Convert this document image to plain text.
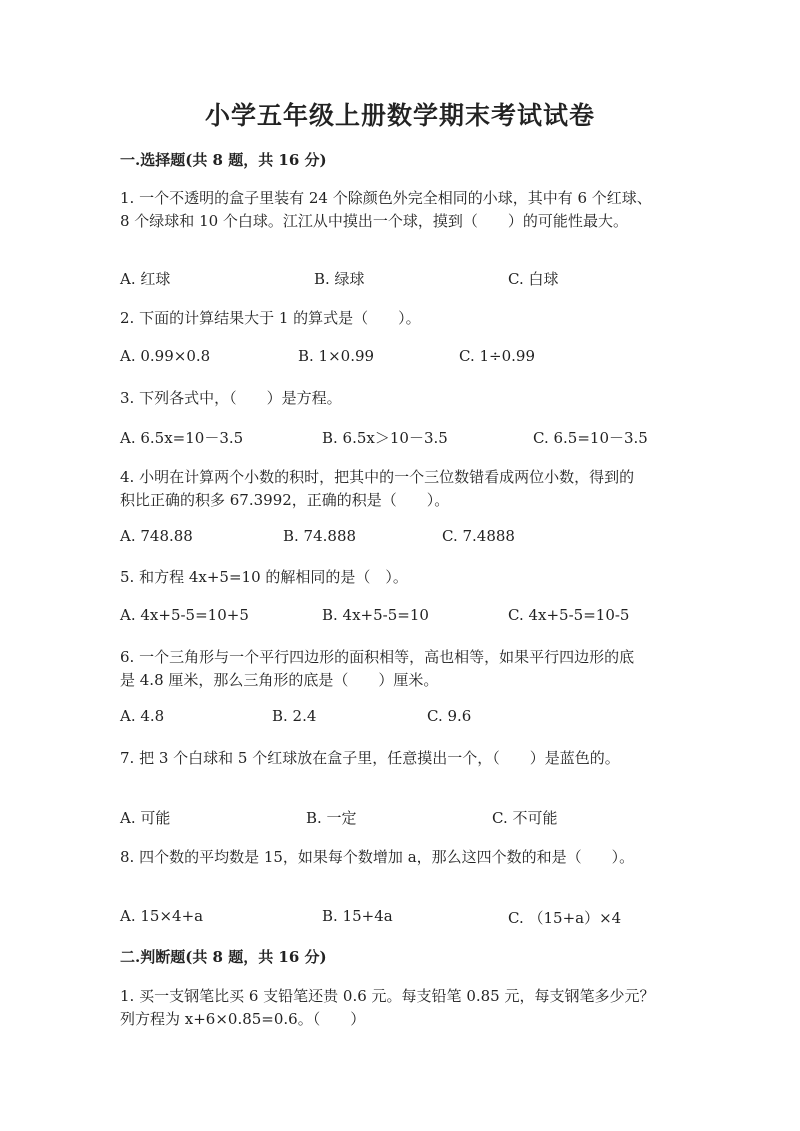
小学五年级上册数学期末考试试卷
一.选择题(共 8 题，共 16 分)
1. 一个不透明的盒子里装有 24 个除颜色外完全相同的小球，其中有 6 个红球、
8 个绿球和 10 个白球。江江从中摸出一个球，摸到（　　）的可能性最大。
A. 红球	B. 绿球	C. 白球
2. 下面的计算结果大于 1 的算式是（　　）。
A. 0.99×0.8	B. 1×0.99	C. 1÷0.99
3. 下列各式中，（　　）是方程。
A. 6.5x=10－3.5	B. 6.5x＞10－3.5	C. 6.5=10－3.5
4. 小明在计算两个小数的积时，把其中的一个三位数错看成两位小数，得到的
积比正确的积多 67.3992，正确的积是（　　）。
A. 748.88	B. 74.888	C. 7.4888
5. 和方程 4x+5=10 的解相同的是（　）。
A. 4x+5-5=10+5	B. 4x+5-5=10	C. 4x+5-5=10-5
6. 一个三角形与一个平行四边形的面积相等，高也相等，如果平行四边形的底
是 4.8 厘米，那么三角形的底是（　　）厘米。
A. 4.8	B. 2.4	C. 9.6
7. 把 3 个白球和 5 个红球放在盒子里，任意摸出一个，（　　）是蓝色的。
A. 可能	B. 一定	C. 不可能
8. 四个数的平均数是 15，如果每个数增加 a，那么这四个数的和是（　　）。
A. 15×4+a	B. 15+4a	C. （15+a）×4
二.判断题(共 8 题，共 16 分)
1. 买一支钢笔比买 6 支铅笔还贵 0.6 元。每支铅笔 0.85 元，每支钢笔多少元？
列方程为 x+6×0.85=0.6。（　　）
